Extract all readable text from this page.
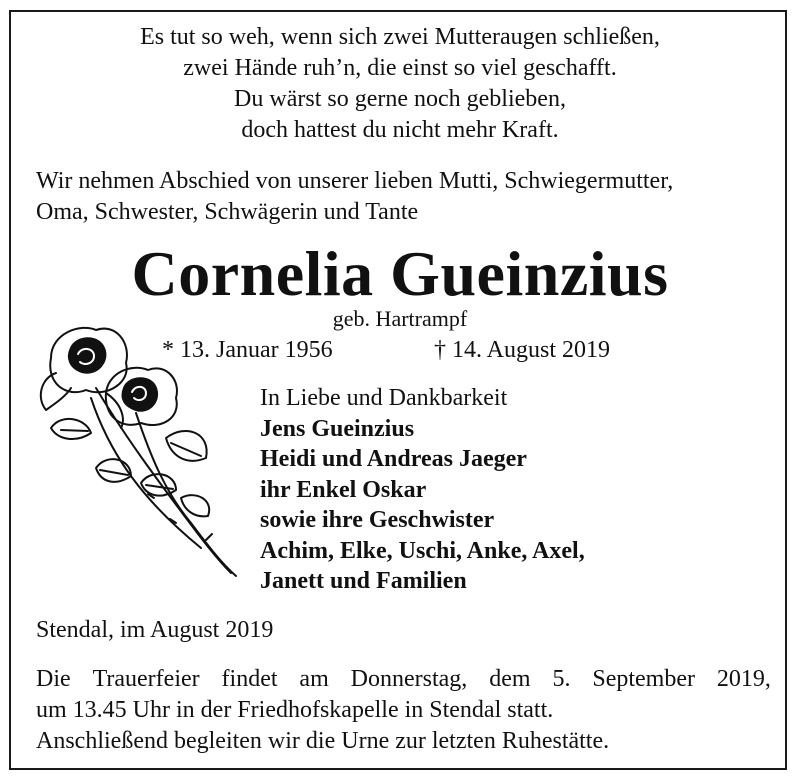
Es tut so weh, wenn sich zwei Mutteraugen schließen,
zwei Hände ruh’n, die einst so viel geschafft.
Du wärst so gerne noch geblieben,
doch hattest du nicht mehr Kraft.
Wir nehmen Abschied von unserer lieben Mutti, Schwiegermutter,
Oma, Schwester, Schwägerin und Tante
Cornelia Gueinzius
geb. Hartrampf
* 13. Januar 1956	† 14. August 2019
In Liebe und Dankbarkeit
Jens Gueinzius
Heidi und Andreas Jaeger
ihr Enkel Oskar
sowie ihre Geschwister
Achim, Elke, Uschi, Anke, Axel,
Janett und Familien
Stendal, im August 2019
Die Trauerfeier findet am Donnerstag, dem 5. September 2019,
um 13.45 Uhr in der Friedhofskapelle in Stendal statt.
Anschließend begleiten wir die Urne zur letzten Ruhestätte.
